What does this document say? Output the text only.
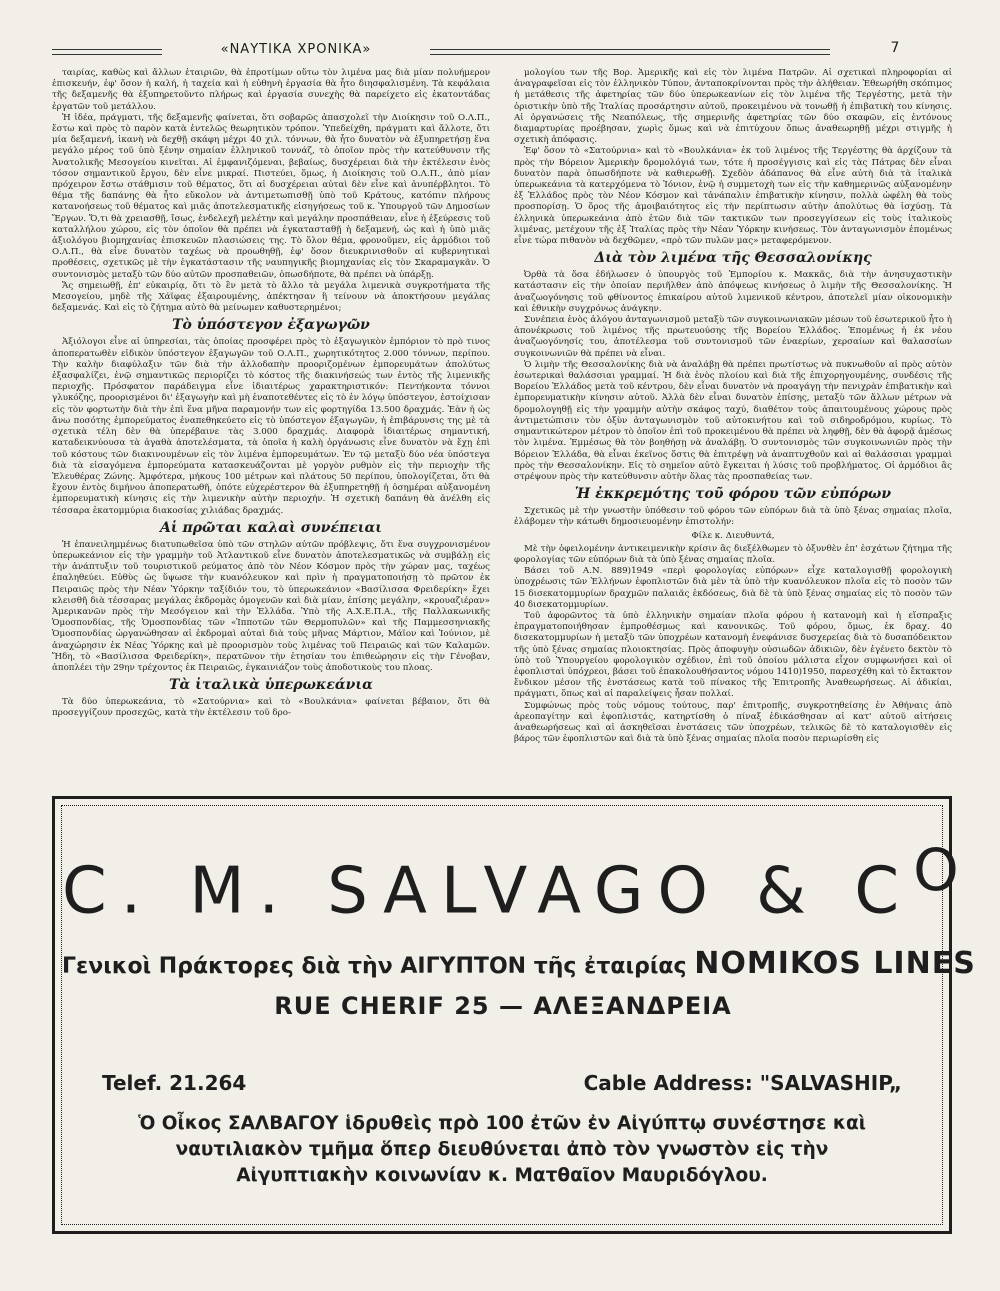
«ΝΑΥΤΙΚΑ ΧΡΟΝΙΚΑ»	7

ταιρίας, καθὼς καὶ ἄλλων ἑταιριῶν, θὰ ἐπροτίμων οὕτω τὸν λιμένα μας διὰ μίαν πολυήμερον ἐπισκευήν, ἐφ' ὅσον ἡ καλή, ἡ ταχεία καὶ ἡ εὐθηνὴ ἐργασία θὰ ἦτο διησφαλισμένη. Τὰ κεφάλαια τῆς δεξαμενῆς θὰ ἐξυπηρετοῦντο πλήρως καὶ ἐργασία συνεχὴς θὰ παρείχετο εἰς ἑκατοντάδας ἐργατῶν τοῦ μετάλλου.

Ἡ ἰδέα, πράγματι, τῆς δεξαμενῆς φαίνεται, ὅτι σοβαρῶς ἀπασχολεῖ τὴν Διοίκησιν τοῦ Ο.Λ.Π., ἔστω καὶ πρὸς τὸ παρὸν κατὰ ἐντελῶς θεωρητικὸν τρόπον. Ὑπεδείχθη, πράγματι καὶ ἄλλοτε, ὅτι μία δεξαμενή, ἱκανὴ νὰ δεχθῇ σκάφη μέχρι 40 χιλ. τόννων, θὰ ἦτο δυνατὸν νὰ ἐξυπηρετήσῃ ἕνα μεγάλο μέρος τοῦ ὑπὸ ξένην σημαίαν ἑλληνικοῦ τοννάζ, τὸ ὁποῖον πρὸς τὴν κατεύθυνσιν τῆς Ἀνατολικῆς Μεσογείου κινεῖται. Αἱ ἐμφανιζόμεναι, βεβαίως, δυσχέρειαι διὰ τὴν ἐκτέλεσιν ἑνὸς τόσον σημαντικοῦ ἔργου, δὲν εἶνε μικραί. Πιστεύει, ὅμως, ἡ Διοίκησις τοῦ Ο.Λ.Π., ἀπὸ μίαν πρόχειρον ἔστω στάθμισιν τοῦ θέματος, ὅτι αἱ δυσχέρειαι αὐταὶ δὲν εἶνε καὶ ἀνυπέρβλητοι. Τὸ θέμα τῆς δαπάνης θὰ ἦτο εὔκολον νὰ ἀντιμετωπισθῇ ὑπὸ τοῦ Κράτους, κατόπιν πλήρους κατανοήσεως τοῦ θέματος καὶ μιᾶς ἀποτελεσματικῆς εἰσηγήσεως τοῦ κ. Ὑπουργοῦ τῶν Δημοσίων Ἔργων. Ὅ,τι θὰ χρειασθῇ, ἴσως, ἐνδελεχῆ μελέτην καὶ μεγάλην προσπάθειαν, εἶνε ἡ ἐξεύρεσις τοῦ καταλλήλου χώρου, εἰς τὸν ὁποῖον θὰ πρέπει νὰ ἐγκατασταθῇ ἡ δεξαμενή, ὡς καὶ ἡ ὑπὸ μιᾶς ἀξιολόγου βιομηχανίας ἐπισκευῶν πλασιώσεις της. Τὸ ὅλον θέμα, φρονοῦμεν, εἰς ἁρμόδιοι τοῦ Ο.Λ.Π., θὰ εἶνε δυνατὸν ταχέως νὰ προωθηθῇ, ἐφ' ὅσον διευκρινισθοῦν αἱ κυβερνητικαὶ προθέσεις, σχετικῶς μὲ τὴν ἐγκατάστασιν τῆς ναυπηγικῆς βιομηχανίας εἰς τὸν Σκαραμαγκᾶν. Ὁ συντονισμὸς μεταξὺ τῶν δύο αὐτῶν προσπαθειῶν, ὁπωσδήποτε, θὰ πρέπει νὰ ὑπάρξῃ.

Ἄς σημειωθῇ, ἐπ' εὐκαιρίᾳ, ὅτι τὸ ἓν μετὰ τὸ ἄλλο τὰ μεγάλα λιμενικὰ συγκροτήματα τῆς Μεσογείου, μηδὲ τῆς Χάϊφας ἐξαιρουμένης, ἀπέκτησαν ἢ τείνουν νὰ ἀποκτήσουν μεγάλας δεξαμενάς. Καὶ εἰς τὸ ζήτημα αὐτὸ θὰ μείνωμεν καθυστερημένοι;

Τὸ ὑπόστεγον ἐξαγωγῶν

Ἀξιόλογοι εἶνε αἱ ὑπηρεσίαι, τὰς ὁποίας προσφέρει πρὸς τὸ ἐξαγωγικὸν ἐμπόριον τὸ πρὸ τινος ἀποπερατωθὲν εἰδικὸν ὑπόστεγον ἐξαγωγῶν τοῦ Ο.Λ.Π., χωρητικότητος 2.000 τόννων, περίπου. Τὴν καλὴν διαφύλαξιν τῶν διὰ τὴν ἀλλοδαπὴν προοριζομένων ἐμπορευμάτων ἀπολύτως ἐξασφαλίζει, ἐνῷ σημαντικῶς περιορίζει τὸ κόστος τῆς διακινήσεώς των ἐντὸς τῆς λιμενικῆς περιοχῆς. Πρόσφατον παράδειγμα εἶνε ἰδιαιτέρως χαρακτηριστικόν: Πεντήκοντα τόννοι γλυκόζης, προορισμένοι δι' ἐξαγωγὴν καὶ μὴ ἐναποτεθέντες εἰς τὸ ἐν λόγῳ ὑπόστεγον, ἐστοίχισαν εἰς τὸν φορτωτὴν διὰ τὴν ἐπὶ ἕνα μῆνα παραμονήν των εἰς φορτηγίδα 13.500 δραχμάς. Ἐὰν ἡ ὡς ἄνω ποσότης ἐμπορεύματος ἐναπεθηκεύετο εἰς τὸ ὑπόστεγον ἐξαγωγῶν, ἡ ἐπιβάρυνσις της μὲ τὰ σχετικὰ τέλη δὲν θὰ ὑπερέβαινε τὰς 3.000 δραχμάς. Διαφορὰ ἰδιαιτέρως σημαντική, καταδεικνύουσα τὰ ἀγαθὰ ἀποτελέσματα, τὰ ὁποῖα ἡ καλὴ ὀργάνωσις εἶνε δυνατὸν νὰ ἔχῃ ἐπὶ τοῦ κόστους τῶν διακινουμένων εἰς τὸν λιμένα ἐμπορευμάτων. Ἐν τῷ μεταξὺ δύο νέα ὑπόστεγα διὰ τὰ εἰσαγόμενα ἐμπορεύματα κατασκευάζονται μὲ γοργὸν ρυθμὸν εἰς τὴν περιοχὴν τῆς Ἐλευθέρας Ζώνης. Ἀμφότερα, μήκους 100 μέτρων καὶ πλάτους 50 περίπου, ὑπολογίζεται, ὅτι θὰ ἔχουν ἐντὸς διμήνου ἀποπερατωθῆ, ὁπότε εὐχερέστερον θὰ ἐξυπηρετηθῇ ἡ ὁσημέραι αὐξανομένη ἐμπορευματικὴ κίνησις εἰς τὴν λιμενικὴν αὐτὴν περιοχήν. Ἡ σχετικὴ δαπάνη θὰ ἀνέλθη εἰς τέσσαρα ἑκατομμύρια διακοσίας χιλιάδας δραχμάς.

Αἱ πρῶται καλαὶ συνέπειαι

Ἡ ἐπανειλημμένως διατυπωθεῖσα ὑπὸ τῶν στηλῶν αὐτῶν πρόβλεψις, ὅτι ἕνα συγχρονισμένον ὑπερωκεάνιον εἰς τὴν γραμμὴν τοῦ Ἀτλαντικοῦ εἶνε δυνατὸν ἀποτελεσματικῶς νὰ συμβάλῃ εἰς τὴν ἀνάπτυξιν τοῦ τουριστικοῦ ρεύματος ἀπὸ τὸν Νέον Κόσμον πρὸς τὴν χώραν μας, ταχέως ἐπαληθεύει. Εὐθὺς ὡς ὕψωσε τὴν κυανόλευκον καὶ πρὶν ἡ πραγματοποιήσῃ τὸ πρῶτον ἐκ Πειραιῶς πρὸς τὴν Νέαν Ὑόρκην ταξίδιόν του, τὸ ὑπερωκεάνιον «Βασίλισσα Φρειδερίκη» ἔχει κλεισθῆ διὰ τέσσαρας μεγάλας ἐκδρομὰς ὁμογενῶν καὶ διὰ μίαν, ἐπίσης μεγάλην, «κρουαζιέραν» Ἀμερικανῶν πρὸς τὴν Μεσόγειον καὶ τὴν Ἑλλάδα. Ὑπὸ τῆς Α.Χ.Ε.Π.Α., τῆς Παλλακωνικῆς Ὁμοσπονδίας, τῆς Ὁμοσπονδίας τῶν «Ἱπποτῶν τῶν Θερμοπυλῶν» καὶ τῆς Παμμεσσηνιακῆς Ὁμοσπονδίας ὠργανώθησαν αἱ ἐκδρομαὶ αὐταὶ διὰ τοὺς μῆνας Μάρτιον, Μάϊον καὶ Ἰούνιον, μὲ ἀναχώρησιν ἐκ Νέας Ὑόρκης καὶ μὲ προορισμὸν τοὺς λιμένας τοῦ Πειραιῶς καὶ τῶν Καλαμῶν. Ἤδη, τὸ «Βασίλισσα Φρειδερίκη», περατῶνον τὴν ἐτησίαν του ἐπιθεώρησιν εἰς τὴν Γένοβαν, ἀποπλέει τὴν 29ην τρέχοντος ἐκ Πειραιῶς, ἐγκαινιάζον τοὺς ἀποδοτικοὺς του πλοας.

Τὰ ἰταλικὰ ὑπερωκεάνια

Τὰ δύο ὑπερωκεάνια, τὸ «Σατούρνια» καὶ τὸ «Βουλκάνια» φαίνεται βέβαιον, ὅτι θὰ προσεγγίζουν προσεχῶς, κατὰ τὴν ἐκτέλεσιν τοῦ δρο-

μολογίου των τῆς Βορ. Ἀμερικῆς καὶ εἰς τὸν λιμένα Πατρῶν. Αἱ σχετικαὶ πληροφορίαι αἱ ἀναγραφεῖσαι εἰς τὸν ἑλληνικὸν Τύπον, ἀνταποκρίνονται πρὸς τὴν ἀλήθειαν. Ἐθεωρήθη σκόπιμος ἡ μετάθεσις τῆς ἀφετηρίας τῶν δύο ὑπερωκεανίων εἰς τὸν λιμένα τῆς Τεργέστης, μετὰ τὴν ὁριστικὴν ὑπὸ τῆς Ἰταλίας προσάρτησιν αὐτοῦ, προκειμένου νὰ τονωθῇ ἡ ἐπιβατικὴ του κίνησις. Αἱ ὀργανώσεις τῆς Νεαπόλεως, τῆς σημερινῆς ἀφετηρίας τῶν δύο σκαφῶν, εἰς ἐντόνους διαμαρτυρίας προέβησαν, χωρὶς ὅμως καὶ νὰ ἐπιτύχουν ὅπως ἀναθεωρηθῇ μέχρι στιγμῆς ἡ σχετικὴ ἀπόφασις.

Ἐφ' ὅσον τὸ «Σατούρνια» καὶ τὸ «Βουλκάνια» ἐκ τοῦ λιμένος τῆς Τεργέστης θὰ ἀρχίζουν τὰ πρὸς τὴν Βόρειον Ἀμερικὴν δρομολόγιά των, τότε ἡ προσέγγισις καὶ εἰς τὰς Πάτρας δὲν εἶναι δυνατὸν παρὰ ὁπωσδήποτε νὰ καθιερωθῇ. Σχεδὸν ἀδάπανος θὰ εἶνε αὐτὴ διὰ τὰ ἰταλικὰ ὑπερωκεάνια τὰ κατερχόμενα τὸ Ἰόνιον, ἐνῷ ἡ συμμετοχὴ των εἰς τὴν καθημερινῶς αὐξανομένην ἐξ Ἑλλάδος πρὸς τὸν Νέον Κόσμον καὶ τἀνάπαλιν ἐπιβατικὴν κίνησιν, πολλὰ ὠφέλη θὰ τοὺς προσπορίσῃ. Ὁ ὅρος τῆς ἀμοιβαιότητος εἰς τὴν περίπτωσιν αὐτὴν ἀπολύτως θὰ ἰσχύσῃ. Τὰ ἑλληνικὰ ὑπερωκεάνια ἀπὸ ἐτῶν διὰ τῶν τακτικῶν των προσεγγίσεων εἰς τοὺς ἰταλικοὺς λιμένας, μετέχουν τῆς ἐξ Ἰταλίας πρὸς τὴν Νέαν Ὑόρκην κινήσεως. Τὸν ἀνταγωνισμὸν ἐπομένως εἶνε τώρα πιθανὸν νὰ δεχθῶμεν, «πρὸ τῶν πυλῶν μας» μεταφερόμενον.

Διὰ τὸν λιμένα τῆς Θεσσαλονίκης

Ὀρθὰ τὰ ὅσα ἐδήλωσεν ὁ ὑπουργὸς τοῦ Ἐμπορίου κ. Μακκᾶς, διὰ τὴν ἀνησυχαστικὴν κατάστασιν εἰς τὴν ὁποίαν περιῆλθεν ἀπὸ ἀπόψεως κινήσεως ὁ λιμὴν τῆς Θεσσαλονίκης. Ἡ ἀναζωογόνησις τοῦ φθίνοντος ἐπικαίρου αὐτοῦ λιμενικοῦ κέντρου, ἀποτελεῖ μίαν οἰκονομικὴν καὶ ἐθνικὴν συγχρόνως ἀνάγκην.

Συνέπεια ἑνὸς ἀλόγου ἀνταγωνισμοῦ μεταξὺ τῶν συγκοινωνιακῶν μέσων τοῦ ἐσωτερικοῦ ἦτο ἡ ἀπονέκρωσις τοῦ λιμένος τῆς πρωτευούσης τῆς Βορείου Ἑλλάδος. Ἐπομένως ἡ ἐκ νέου ἀναζωογόνησίς του, ἀποτέλεσμα τοῦ συντονισμοῦ τῶν ἐναερίων, χερσαίων καὶ θαλασσίων συγκοινωνιῶν θὰ πρέπει νὰ εἶναι.

Ὁ λιμὴν τῆς Θεσσαλονίκης διὰ νὰ ἀναλάβῃ θὰ πρέπει πρωτίστως νὰ πυκνωθοῦν αἱ πρὸς αὐτὸν ἐσωτερικαὶ θαλάσσιαι γραμμαί. Ἡ διὰ ἑνὸς πλοίου καὶ διὰ τῆς ἐπιχορηγουμένης, συνδέσις τῆς Βορείου Ἑλλάδος μετὰ τοῦ κέντρου, δὲν εἶναι δυνατὸν νὰ προαγάγῃ τὴν πενιχρὰν ἐπιβατικὴν καὶ ἐμπορευματικὴν κίνησιν αὐτοῦ. Ἀλλὰ δὲν εἶναι δυνατὸν ἐπίσης, μεταξὺ τῶν ἄλλων μέτρων νὰ δρομολογηθῇ εἰς τὴν γραμμὴν αὐτὴν σκάφος ταχύ, διαθέτον τοὺς ἀπαιτουμένους χώρους πρὸς ἀντιμετώπισιν τὸν ὀξὺν ἀνταγωνισμὸν τοῦ αὐτοκινήτου καὶ τοῦ σιδηροδρόμου, κυρίως. Τὸ σημαντικώτερον μέτρον τὸ ὁποῖον ἐπὶ τοῦ προκειμένου θὰ πρέπει νὰ ληφθῇ, δὲν θὰ ἀφορᾷ ἀμέσως τὸν λιμένα. Ἐμμέσως θὰ τὸν βοηθήσῃ νὰ ἀναλάβῃ. Ὁ συντονισμὸς τῶν συγκοινωνιῶν πρὸς τὴν Βόρειον Ἑλλάδα, θὰ εἶναι ἐκεῖνος ὅστις θὰ ἐπιτρέψῃ νὰ ἀναπτυχθοῦν καὶ αἱ θαλάσσιαι γραμμαὶ πρὸς τὴν Θεσσαλονίκην. Εἰς τὸ σημεῖον αὐτὸ ἔγκειται ἡ λύσις τοῦ προβλήματος. Οἱ ἁρμόδιοι ἂς στρέψουν πρὸς τὴν κατεύθυνσιν αὐτὴν ὅλας τὰς προσπαθείας των.

Ἡ ἐκκρεμότης τοῦ φόρου τῶν εὐπόρων

Σχετικῶς μὲ τὴν γνωστὴν ὑπόθεσιν τοῦ φόρου τῶν εὐπόρων διὰ τὰ ὑπὸ ξένας σημαίας πλοῖα, ἐλάβομεν τὴν κάτωθι δημοσιευομένην ἐπιστολήν:

Φίλε κ. Διευθυντά,

Μὲ τὴν ὀφειλομένην ἀντικειμενικὴν κρίσιν ἂς διεξέλθωμεν τὸ ὀξυνθὲν ἐπ' ἐσχάτων ζήτημα τῆς φορολογίας τῶν εὐπόρων διὰ τὰ ὑπὸ ξένας σημαίας πλοῖα.

Βάσει τοῦ Α.Ν. 889)1949 «περὶ φορολογίας εὐπόρων» εἶχε καταλογισθῇ φορολογικὴ ὑποχρέωσις τῶν Ἑλλήνων ἐφοπλιστῶν διὰ μὲν τὰ ὑπὸ τὴν κυανόλευκον πλοῖα εἰς τὸ ποσὸν τῶν 15 δισεκατομμυρίων δραχμῶν παλαιᾶς ἐκδόσεως, διὰ δὲ τὰ ὑπὸ ξένας σημαίας εἰς τὸ ποσὸν τῶν 40 δισεκατομμυρίων.

Τοῦ ἀφορῶντος τὰ ὑπὸ ἑλληνικὴν σημαίαν πλοῖα φόρου ἡ κατανομὴ καὶ ἡ εἴσπραξις ἐπραγματοποιήθησαν ἐμπροθέσμως καὶ κανονικῶς. Τοῦ φόρου, ὅμως, ἐκ δραχ. 40 δισεκατομμυρίων ἡ μεταξὺ τῶν ὑποχρέων κατανομὴ ἐνεφάνισε δυσχερείας διὰ τὸ δυσαπόδεικτον τῆς ὑπὸ ξένας σημαίας πλοιοκτησίας. Πρὸς ἀποφυγὴν οὐσιωδῶν ἀδικιῶν, δὲν ἐγένετο δεκτὸν τὸ ὑπὸ τοῦ Ὑπουργείου φορολογικὸν σχέδιον, ἐπὶ τοῦ ὁποίου μάλιστα εἶχον συμφωνήσει καὶ οἱ ἐφοπλισταὶ ὑπόχρεοι, βάσει τοῦ ἐπακολουθήσαντος νόμου 1410)1950, παρεσχέθη καὶ τὸ ἔκτακτον ἔνδικον μέσον τῆς ἐνστάσεως κατὰ τοῦ πίνακος τῆς Ἐπιτροπῆς Ἀναθεωρήσεως. Αἱ ἀδικίαι, πράγματι, ὅπως καὶ αἱ παραλείψεις ἦσαν πολλαί.

Συμφώνως πρὸς τοὺς νόμους τούτους, παρ' ἐπιτροπῆς, συγκροτηθείσης ἐν Ἀθήναις ἀπὸ ἀρεοπαγίτην καὶ ἐφοπλιστάς, κατηρτίσθη ὁ πίναξ ἐδικάσθησαν αἱ κατ' αὐτοῦ αἰτήσεις ἀναθεωρήσεως καὶ αἱ ἀσκηθεῖσαι ἐνστάσεις τῶν ὑποχρέων, τελικῶς δὲ τὸ καταλογισθὲν εἰς βάρος τῶν ἐφοπλιστῶν καὶ διὰ τὰ ὑπὸ ξένας σημαίας πλοῖα ποσὸν περιωρίσθη εἰς

C. M. SALVAGO & $C^O$
Γενικοὶ Πράκτορες διὰ τὴν ΑΙΓΥΠΤΟΝ τῆς ἐταιρίας NOMIKOS LINES
RUE CHERIF 25 — ΑΛΕΞΑΝΔΡΕΙΑ
Telef. 21.264	Cable Address: "SALVASHIP„
Ὁ Οἶκος ΣΑΛΒΑΓΟΥ ἱδρυθεὶς πρὸ 100 ἐτῶν ἐν Αἰγύπτῳ συνέστησε καὶ ναυτιλιακὸν τμῆμα ὅπερ διευθύνεται ἀπὸ τὸν γνωστὸν εἰς τὴν Αἰγυπτιακὴν κοινωνίαν κ. Ματθαῖον Μαυριδόγλου.
